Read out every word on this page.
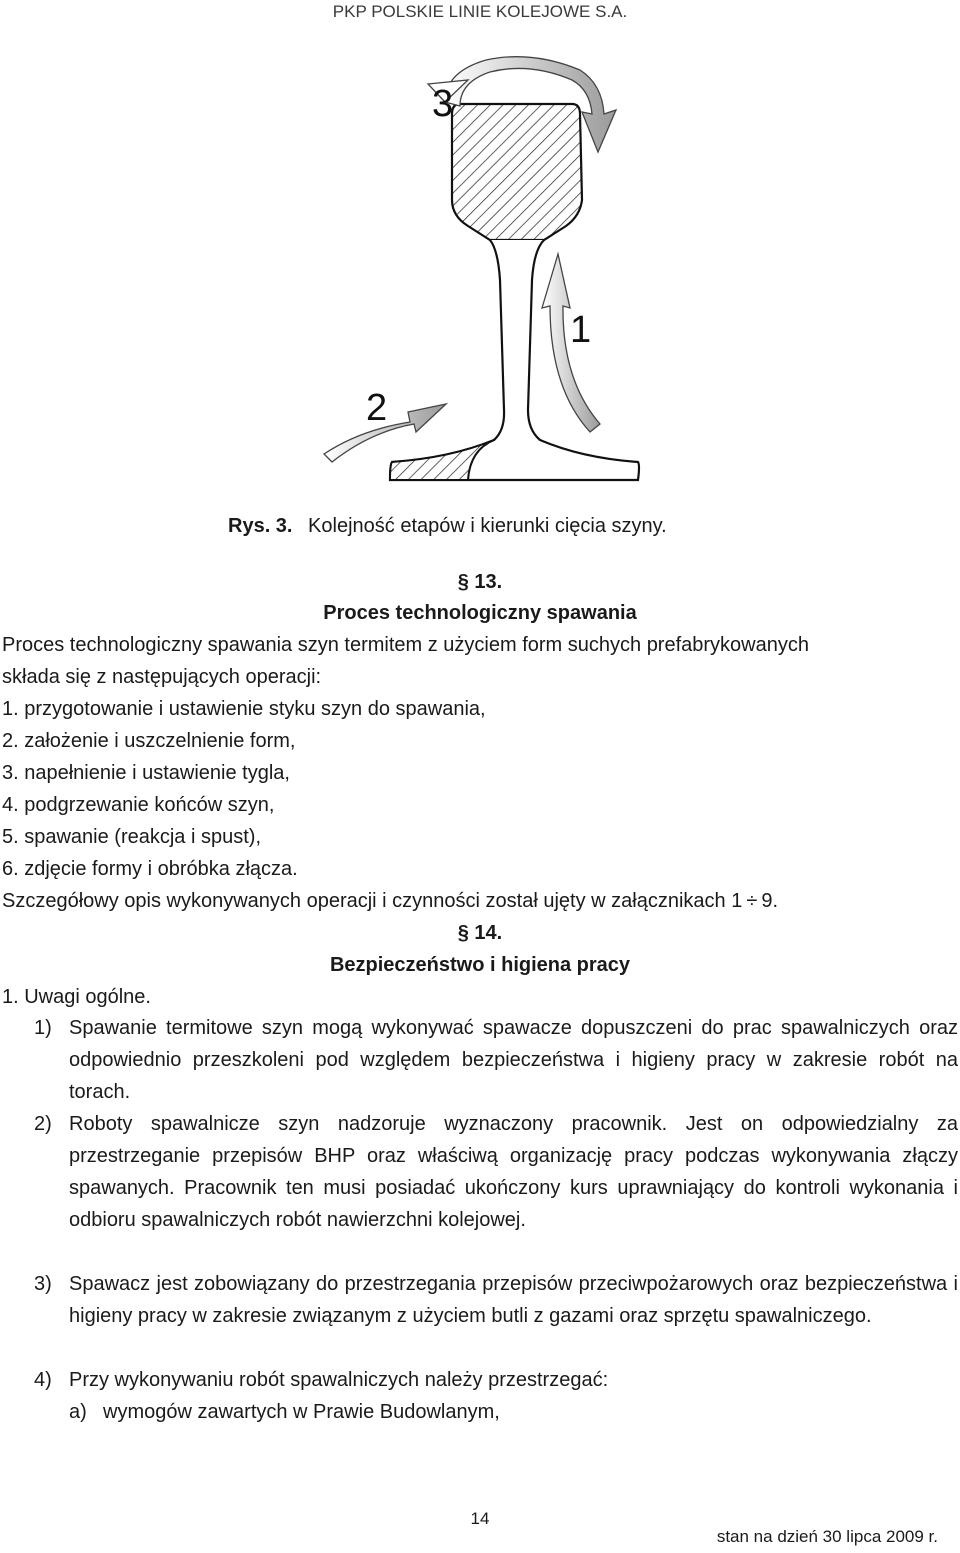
PKP POLSKIE LINIE KOLEJOWE S.A.
3
1
2
Rys. 3. Kolejność etapów i kierunki cięcia szyny.
§ 13.
Proces technologiczny spawania
Proces technologiczny spawania szyn termitem z użyciem form suchych prefabrykowanych
składa się z następujących operacji:
1. przygotowanie i ustawienie styku szyn do spawania,
2. założenie i uszczelnienie form,
3. napełnienie i ustawienie tygla,
4. podgrzewanie końców szyn,
5. spawanie (reakcja i spust),
6. zdjęcie formy i obróbka złącza.
Szczegółowy opis wykonywanych operacji i czynności został ujęty w załącznikach 1 ÷ 9.
§ 14.
Bezpieczeństwo i higiena pracy
1. Uwagi ogólne.
1) Spawanie termitowe szyn mogą wykonywać spawacze dopuszczeni do prac spawalniczych oraz odpowiednio przeszkoleni pod względem bezpieczeństwa i higieny pracy w zakresie robót na torach.
2) Roboty spawalnicze szyn nadzoruje wyznaczony pracownik. Jest on odpowiedzialny za przestrzeganie przepisów BHP oraz właściwą organizację pracy podczas wykonywania złączy spawanych. Pracownik ten musi posiadać ukończony kurs uprawniający do kontroli wykonania i odbioru spawalniczych robót nawierzchni kolejowej.
3) Spawacz jest zobowiązany do przestrzegania przepisów przeciwpożarowych oraz bezpieczeństwa i higieny pracy w zakresie związanym z użyciem butli z gazami oraz sprzętu spawalniczego.
4) Przy wykonywaniu robót spawalniczych należy przestrzegać:
a) wymogów zawartych w Prawie Budowlanym,
14
stan na dzień 30 lipca 2009 r.
